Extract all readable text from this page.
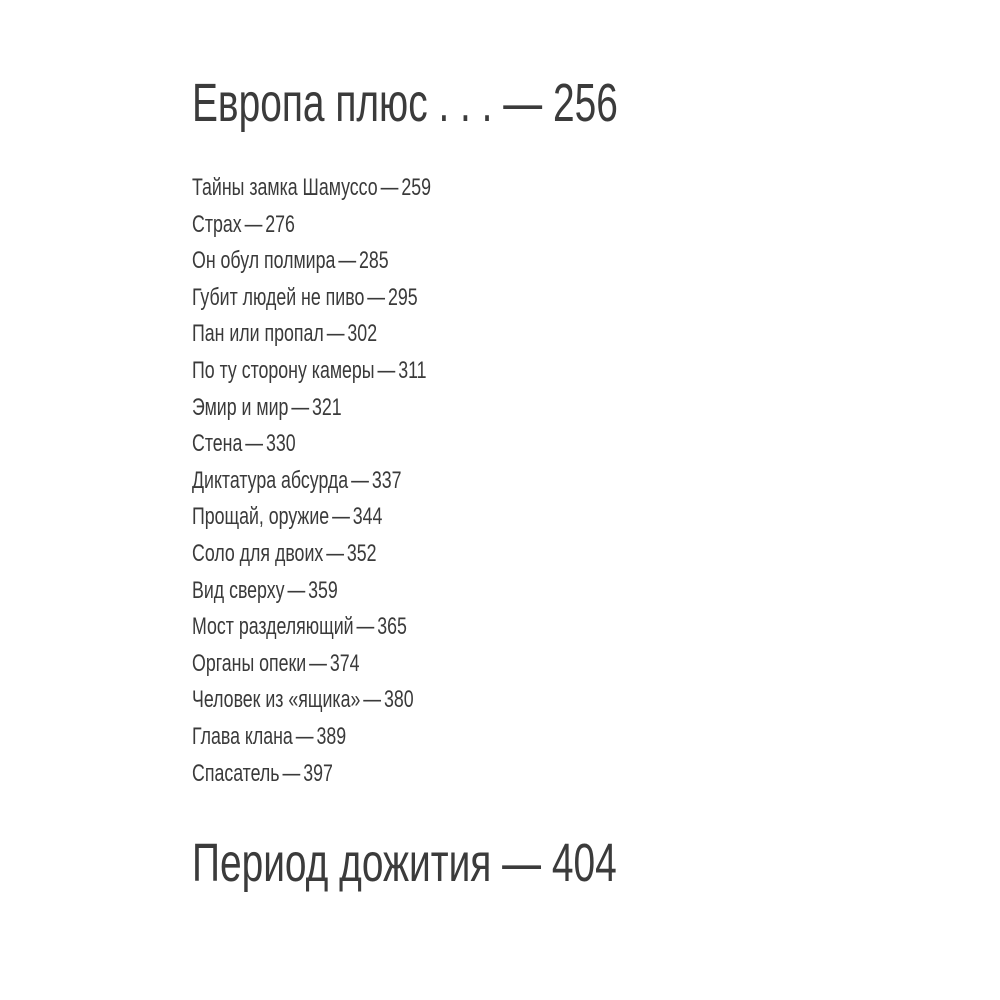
Европа плюс . . . — 256
Тайны замка Шамуссо — 259
Страх — 276
Он обул полмира — 285
Губит людей не пиво — 295
Пан или пропал — 302
По ту сторону камеры — 311
Эмир и мир — 321
Стена — 330
Диктатура абсурда — 337
Прощай, оружие — 344
Соло для двоих — 352
Вид сверху — 359
Мост разделяющий — 365
Органы опеки — 374
Человек из «ящика» — 380
Глава клана — 389
Спасатель — 397
Период дожития — 404
